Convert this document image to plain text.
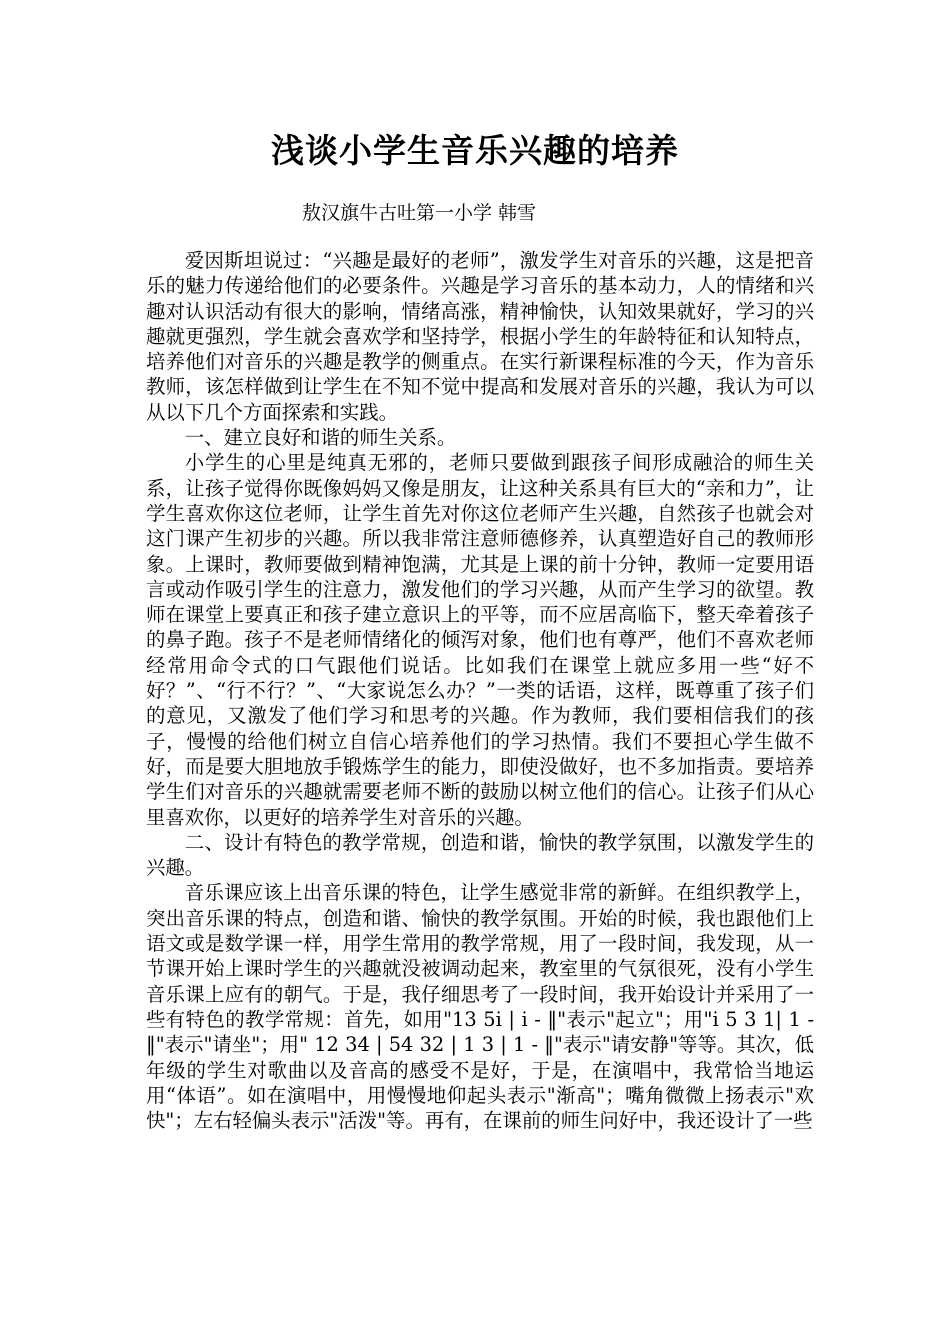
浅谈小学生音乐兴趣的培养

敖汉旗牛古吐第一小学 韩雪

爱因斯坦说过：“兴趣是最好的老师”，激发学生对音乐的兴趣，这是把音乐的魅力传递给他们的必要条件。兴趣是学习音乐的基本动力，人的情绪和兴趣对认识活动有很大的影响，情绪高涨，精神愉快，认知效果就好，学习的兴趣就更强烈，学生就会喜欢学和坚持学，根据小学生的年龄特征和认知特点，培养他们对音乐的兴趣是教学的侧重点。在实行新课程标准的今天，作为音乐教师，该怎样做到让学生在不知不觉中提高和发展对音乐的兴趣，我认为可以从以下几个方面探索和实践。

一、建立良好和谐的师生关系。

小学生的心里是纯真无邪的，老师只要做到跟孩子间形成融洽的师生关系，让孩子觉得你既像妈妈又像是朋友，让这种关系具有巨大的“亲和力”，让学生喜欢你这位老师，让学生首先对你这位老师产生兴趣，自然孩子也就会对这门课产生初步的兴趣。所以我非常注意师德修养，认真塑造好自己的教师形象。上课时，教师要做到精神饱满，尤其是上课的前十分钟，教师一定要用语言或动作吸引学生的注意力，激发他们的学习兴趣，从而产生学习的欲望。教师在课堂上要真正和孩子建立意识上的平等，而不应居高临下，整天牵着孩子的鼻子跑。孩子不是老师情绪化的倾泻对象，他们也有尊严，他们不喜欢老师经常用命令式的口气跟他们说话。比如我们在课堂上就应多用一些“好不好？”、“行不行？”、“大家说怎么办？”一类的话语，这样，既尊重了孩子们的意见，又激发了他们学习和思考的兴趣。作为教师，我们要相信我们的孩子，慢慢的给他们树立自信心培养他们的学习热情。我们不要担心学生做不好，而是要大胆地放手锻炼学生的能力，即使没做好，也不多加指责。要培养学生们对音乐的兴趣就需要老师不断的鼓励以树立他们的信心。让孩子们从心里喜欢你，以更好的培养学生对音乐的兴趣。

二、设计有特色的教学常规，创造和谐，愉快的教学氛围，以激发学生的兴趣。

音乐课应该上出音乐课的特色，让学生感觉非常的新鲜。在组织教学上，突出音乐课的特点，创造和谐、愉快的教学氛围。开始的时候，我也跟他们上语文或是数学课一样，用学生常用的教学常规，用了一段时间，我发现，从一节课开始上课时学生的兴趣就没被调动起来，教室里的气氛很死，没有小学生音乐课上应有的朝气。于是，我仔细思考了一段时间，我开始设计并采用了一些有特色的教学常规：首先，如用"13 5i | i - ‖"表示"起立"；用"i 5 3 1| 1 - ‖"表示"请坐"；用" 12 34 | 54 32 | 1 3 | 1 - ‖"表示"请安静"等等。其次，低年级的学生对歌曲以及音高的感受不是好，于是，在演唱中，我常恰当地运用“体语”。如在演唱中，用慢慢地仰起头表示"渐高"；嘴角微微上扬表示"欢快"；左右轻偏头表示"活泼"等。再有，在课前的师生问好中，我还设计了一些
